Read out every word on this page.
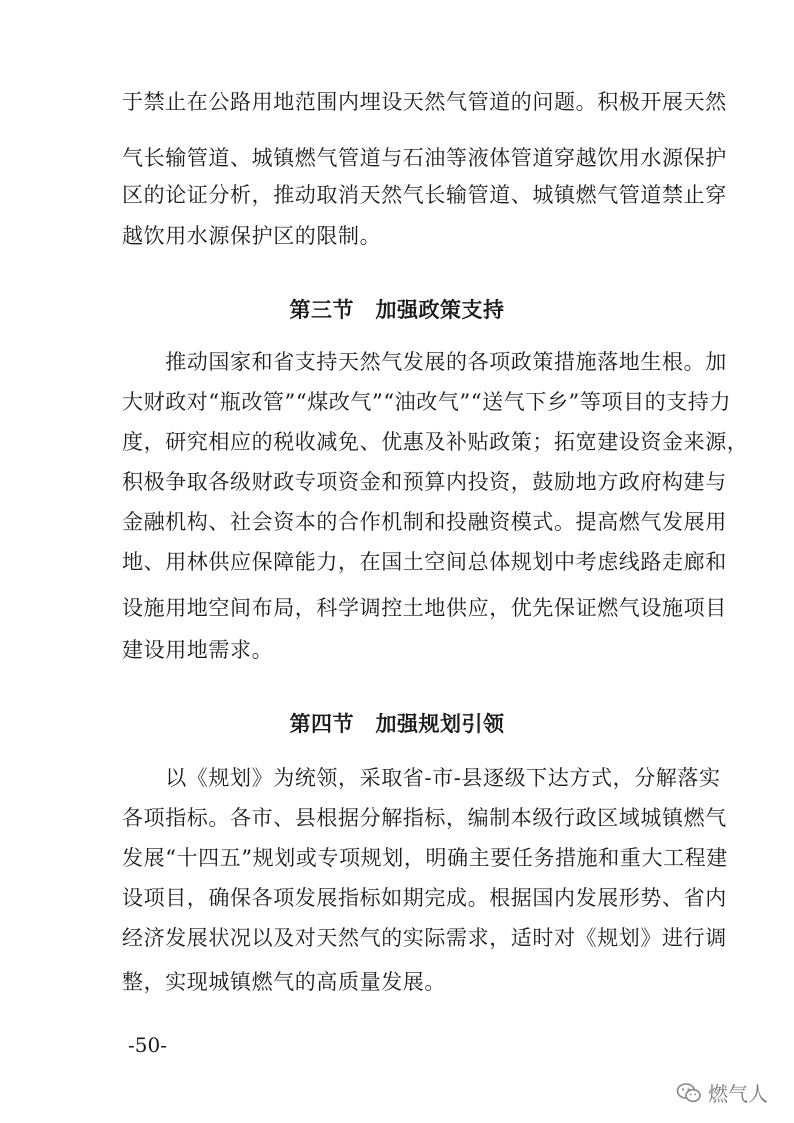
于禁止在公路用地范围内埋设天然气管道的问题。积极开展天然
气长输管道、城镇燃气管道与石油等液体管道穿越饮用水源保护
区的论证分析，推动取消天然气长输管道、城镇燃气管道禁止穿
越饮用水源保护区的限制。
第三节　加强政策支持
　　推动国家和省支持天然气发展的各项政策措施落地生根。加
大财政对“瓶改管”“煤改气”“油改气”“送气下乡”等项目的支持力
度，研究相应的税收减免、优惠及补贴政策；拓宽建设资金来源，
积极争取各级财政专项资金和预算内投资，鼓励地方政府构建与
金融机构、社会资本的合作机制和投融资模式。提高燃气发展用
地、用林供应保障能力，在国土空间总体规划中考虑线路走廊和
设施用地空间布局，科学调控土地供应，优先保证燃气设施项目
建设用地需求。
第四节　加强规划引领
　　以《规划》为统领，采取省-市-县逐级下达方式，分解落实
各项指标。各市、县根据分解指标，编制本级行政区域城镇燃气
发展“十四五”规划或专项规划，明确主要任务措施和重大工程建
设项目，确保各项发展指标如期完成。根据国内发展形势、省内
经济发展状况以及对天然气的实际需求，适时对《规划》进行调
整，实现城镇燃气的高质量发展。
-50-
燃气人
